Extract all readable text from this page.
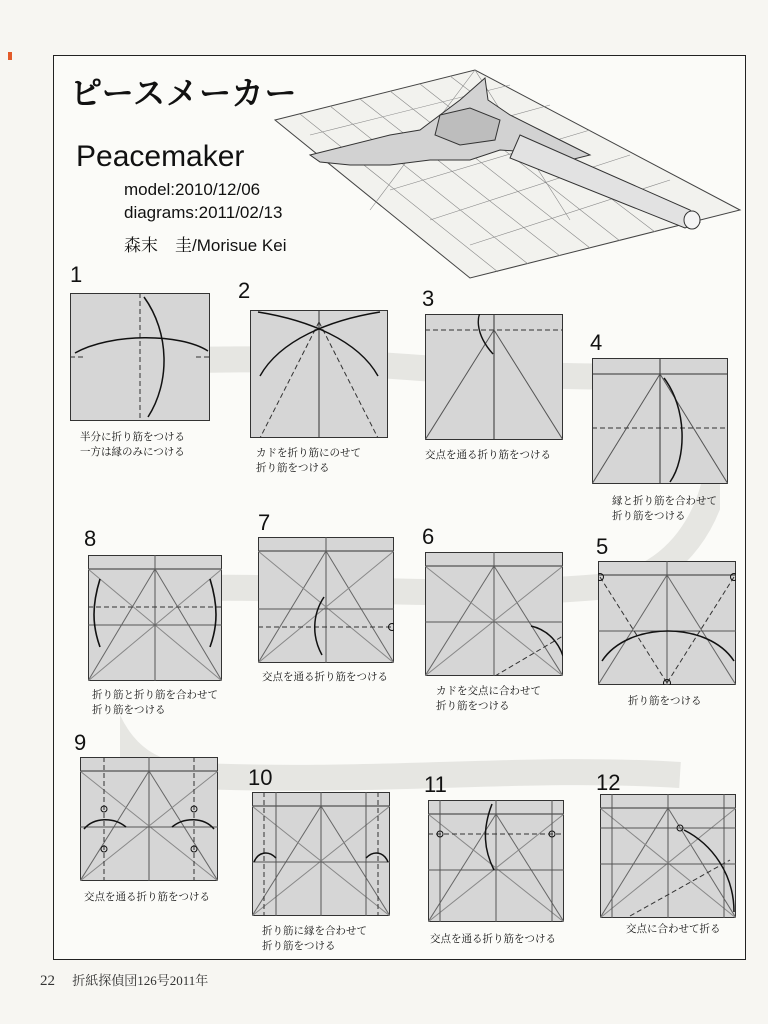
ピースメーカー
Peacemaker
model:2010/12/06
diagrams:2011/02/13
森末　圭/Morisue Kei
1
半分に折り筋をつける
一方は縁のみにつける
2
カドを折り筋にのせて
折り筋をつける
3
交点を通る折り筋をつける
4
縁と折り筋を合わせて
折り筋をつける
8
折り筋と折り筋を合わせて
折り筋をつける
7
交点を通る折り筋をつける
6
カドを交点に合わせて
折り筋をつける
5
折り筋をつける
9
交点を通る折り筋をつける
10
折り筋に縁を合わせて
折り筋をつける
11
交点を通る折り筋をつける
12
交点に合わせて折る
22 折紙探偵団126号2011年
